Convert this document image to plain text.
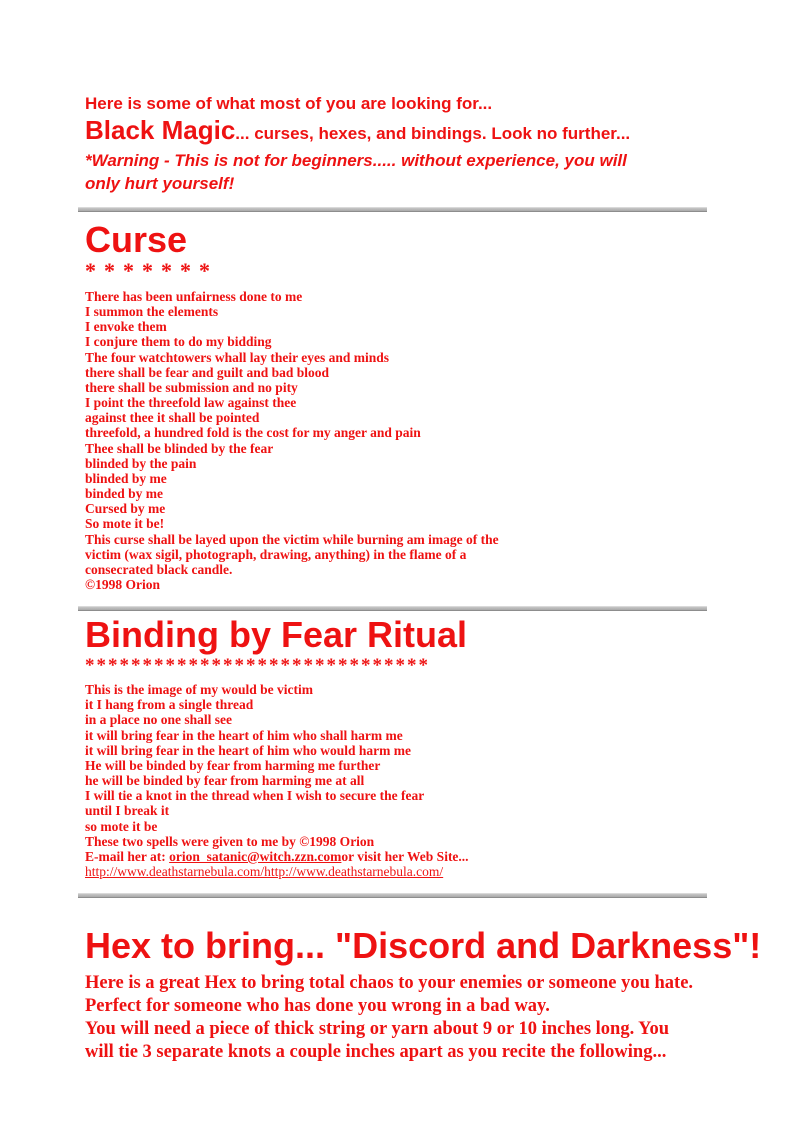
Here is some of what most of you are looking for...
Black Magic... curses, hexes, and bindings. Look no further...
*Warning - This is not for beginners..... without experience, you will
only hurt yourself!
Curse
*******
There has been unfairness done to me
I summon the elements
I envoke them
I conjure them to do my bidding
The four watchtowers whall lay their eyes and minds
there shall be fear and guilt and bad blood
there shall be submission and no pity
I point the threefold law against thee
against thee it shall be pointed
threefold, a hundred fold is the cost for my anger and pain
Thee shall be blinded by the fear
blinded by the pain
blinded by me
binded by me
Cursed by me
So mote it be!
This curse shall be layed upon the victim while burning am image of the
victim (wax sigil, photograph, drawing, anything) in the flame of a
consecrated black candle.
©1998 Orion
Binding by Fear Ritual
******************************
This is the image of my would be victim
it I hang from a single thread
in a place no one shall see
it will bring fear in the heart of him who shall harm me
it will bring fear in the heart of him who would harm me
He will be binded by fear from harming me further
he will be binded by fear from harming me at all
I will tie a knot in the thread when I wish to secure the fear
until I break it
so mote it be
These two spells were given to me by ©1998 Orion
E-mail her at: orion_satanic@witch.zzn.comor visit her Web Site...
http://www.deathstarnebula.com/http://www.deathstarnebula.com/
Hex to bring... "Discord and Darkness"!
Here is a great Hex to bring total chaos to your enemies or someone you hate.
Perfect for someone who has done you wrong in a bad way.
You will need a piece of thick string or yarn about 9 or 10 inches long. You
will tie 3 separate knots a couple inches apart as you recite the following...
